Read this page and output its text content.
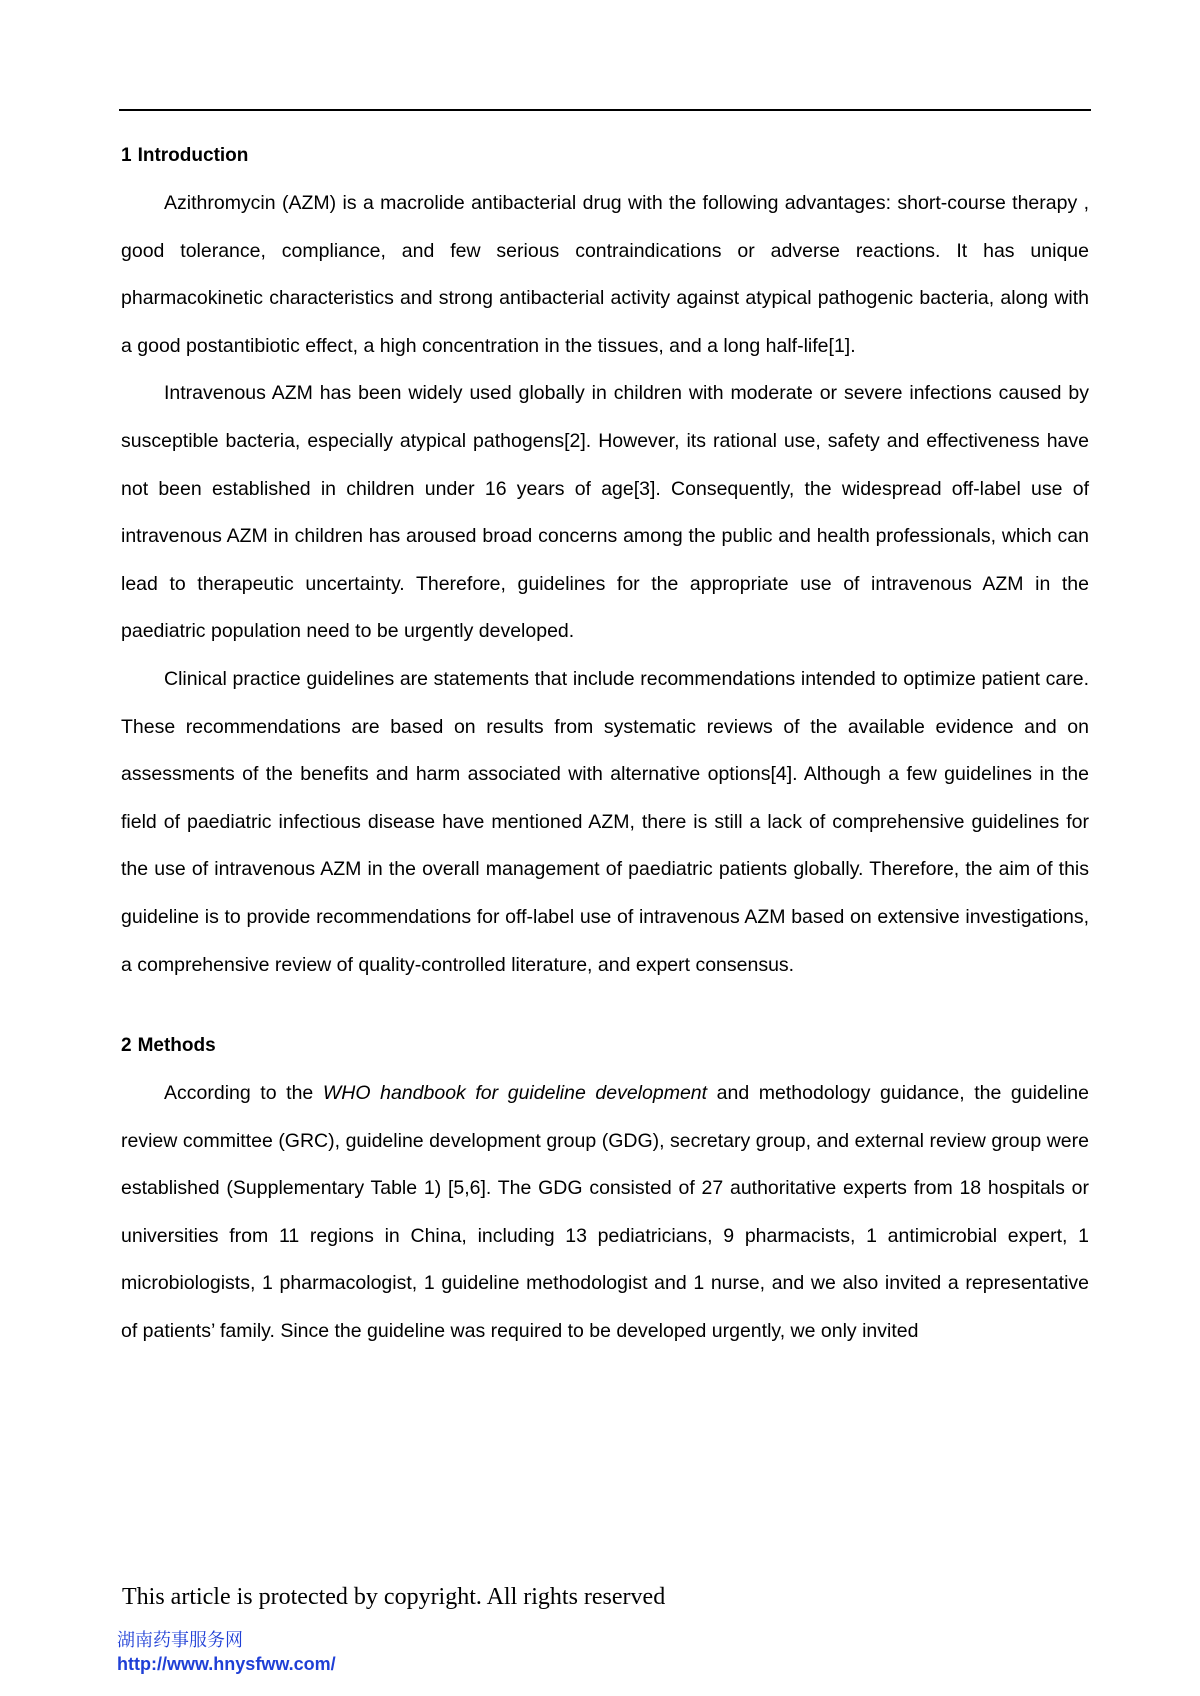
1 Introduction

Azithromycin (AZM) is a macrolide antibacterial drug with the following advantages: short-course therapy , good tolerance, compliance, and few serious contraindications or adverse reactions. It has unique pharmacokinetic characteristics and strong antibacterial activity against atypical pathogenic bacteria, along with a good postantibiotic effect, a high concentration in the tissues, and a long half-life[1].

Intravenous AZM has been widely used globally in children with moderate or severe infections caused by susceptible bacteria, especially atypical pathogens[2]. However, its rational use, safety and effectiveness have not been established in children under 16 years of age[3]. Consequently, the widespread off-label use of intravenous AZM in children has aroused broad concerns among the public and health professionals, which can lead to therapeutic uncertainty. Therefore, guidelines for the appropriate use of intravenous AZM in the paediatric population need to be urgently developed.

Clinical practice guidelines are statements that include recommendations intended to optimize patient care. These recommendations are based on results from systematic reviews of the available evidence and on assessments of the benefits and harm associated with alternative options[4]. Although a few guidelines in the field of paediatric infectious disease have mentioned AZM, there is still a lack of comprehensive guidelines for the use of intravenous AZM in the overall management of paediatric patients globally. Therefore, the aim of this guideline is to provide recommendations for off-label use of intravenous AZM based on extensive investigations, a comprehensive review of quality-controlled literature, and expert consensus.

2 Methods

According to the WHO handbook for guideline development and methodology guidance, the guideline review committee (GRC), guideline development group (GDG), secretary group, and external review group were established (Supplementary Table 1) [5,6]. The GDG consisted of 27 authoritative experts from 18 hospitals or universities from 11 regions in China, including 13 pediatricians, 9 pharmacists, 1 antimicrobial expert, 1 microbiologists, 1 pharmacologist, 1 guideline methodologist and 1 nurse, and we also invited a representative of patients’ family. Since the guideline was required to be developed urgently, we only invited

This article is protected by copyright. All rights reserved
湖南药事服务网
http://www.hnysfww.com/
